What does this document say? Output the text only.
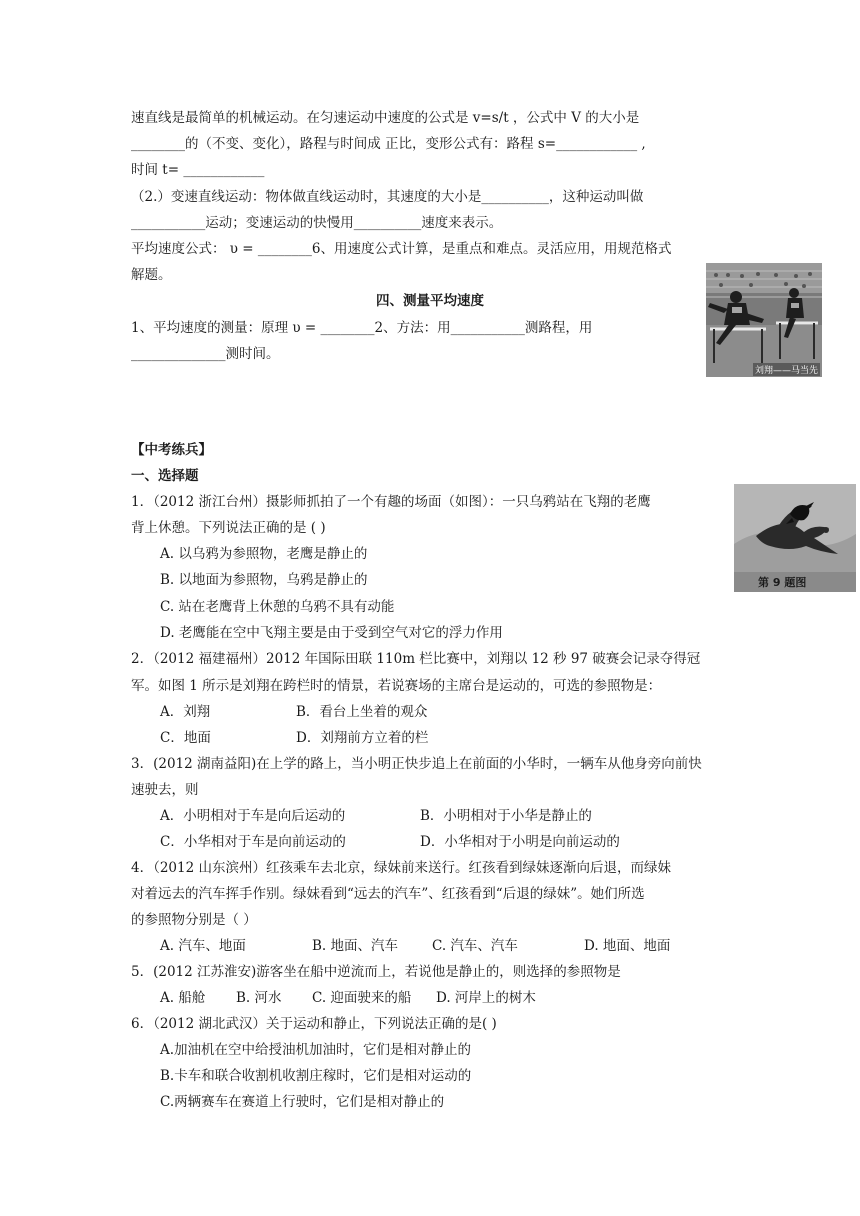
速直线是最简单的机械运动。在匀速运动中速度的公式是 v=s/t ，公式中 V 的大小是
________的（不变、变化），路程与时间成 正比，变形公式有：路程 s=____________ ,
时间 t= ____________
（2.）变速直线运动：物体做直线运动时，其速度的大小是__________，这种运动叫做
___________运动；变速运动的快慢用__________速度来表示。
平均速度公式： υ = ________6、用速度公式计算，是重点和难点。灵活应用，用规范格式
解题。
四、测量平均速度
1、平均速度的测量：原理 υ = ________2、方法：用___________测路程，用
______________测时间。
刘翔——马当先
【中考练兵】
一、选择题
1．（2012 浙江台州）摄影师抓拍了一个有趣的场面（如图）：一只乌鸦站在飞翔的老鹰
背上休憩。下列说法正确的是 ( )
A. 以乌鸦为参照物，老鹰是静止的
B. 以地面为参照物，乌鸦是静止的
C. 站在老鹰背上休憩的乌鸦不具有动能
D. 老鹰能在空中飞翔主要是由于受到空气对它的浮力作用
第 9 题图
2．（2012 福建福州）2012 年国际田联 110m 栏比赛中，刘翔以 12 秒 97 破赛会记录夺得冠
军。如图 1 所示是刘翔在跨栏时的情景，若说赛场的主席台是运动的，可选的参照物是：
A．刘翔	B．看台上坐着的观众
C．地面	D．刘翔前方立着的栏
3．(2012 湖南益阳)在上学的路上，当小明正快步追上在前面的小华时，一辆车从他身旁向前快
速驶去，则
A．小明相对于车是向后运动的	B．小明相对于小华是静止的
C．小华相对于车是向前运动的	D．小华相对于小明是向前运动的
4．（2012 山东滨州）红孩乘车去北京，绿妹前来送行。红孩看到绿妹逐渐向后退，而绿妹
对着远去的汽车挥手作别。绿妹看到“远去的汽车”、红孩看到“后退的绿妹”。她们所选
的参照物分别是（ ）
A. 汽车、地面	B. 地面、汽车	C. 汽车、汽车	D. 地面、地面
5．(2012 江苏淮安)游客坐在船中逆流而上，若说他是静止的，则选择的参照物是
A. 船舱 B. 河水 C. 迎面驶来的船 D. 河岸上的树木
6．（2012 湖北武汉）关于运动和静止，下列说法正确的是( )
A.加油机在空中给授油机加油时，它们是相对静止的
B.卡车和联合收割机收割庄稼时，它们是相对运动的
C.两辆赛车在赛道上行驶时，它们是相对静止的
